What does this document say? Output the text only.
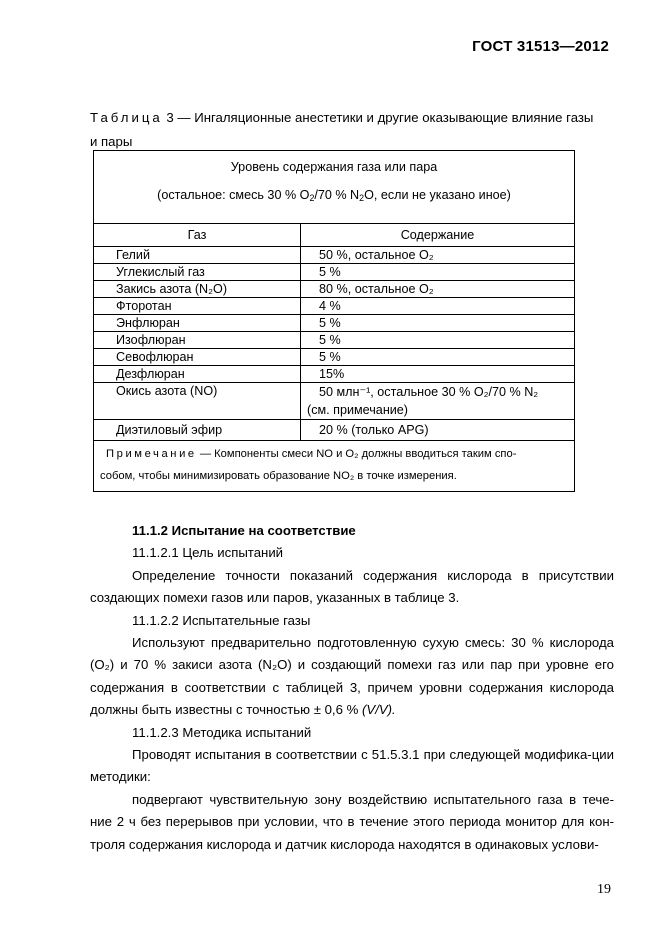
ГОСТ 31513—2012
Таблица 3 — Ингаляционные анестетики и другие оказывающие влияние газы
и пары
Уровень содержания газа или пара
(остальное: смесь 30 % $O_2/70$ % $N_2O$, если не указано иное)	

Газ	Содержание
Гелий	50 %, остальное O₂
Углекислый газ	5 %
Закись азота (N₂O)	80 %, остальное O₂
Фторотан	4 %
Энфлюран	5 %
Изофлюран	5 %
Севофлюран	5 %
Дезфлюран	15%
Окись азота (NO)	50 млн⁻¹, остальное 30 % O₂/70 % N₂
(см. примечание)

Диэтиловый эфир	20 % (только APG)
Примечание — Компоненты смеси NO и O₂ должны вводиться таким спо-
собом, чтобы минимизировать образование NO₂ в точке измерения.	

11.1.2 Испытание на соответствие

11.1.2.1 Цель испытаний

Определение точности показаний содержания кислорода в присутствии создающих помехи газов или паров, указанных в таблице 3.

11.1.2.2 Испытательные газы

Используют предварительно подготовленную сухую смесь: 30 % кислорода (O₂) и 70 % закиси азота (N₂O) и создающий помехи газ или пар при уровне его содержания в соответствии с таблицей 3, причем уровни содержания кислорода должны быть известны с точностью ± 0,6 % (V/V).

11.1.2.3 Методика испытаний

Проводят испытания в соответствии с 51.5.3.1 при следующей модифика-ции методики:

подвергают чувствительную зону воздействию испытательного газа в тече-ние 2 ч без перерывов при условии, что в течение этого периода монитор для кон-троля содержания кислорода и датчик кислорода находятся в одинаковых услови-

19
